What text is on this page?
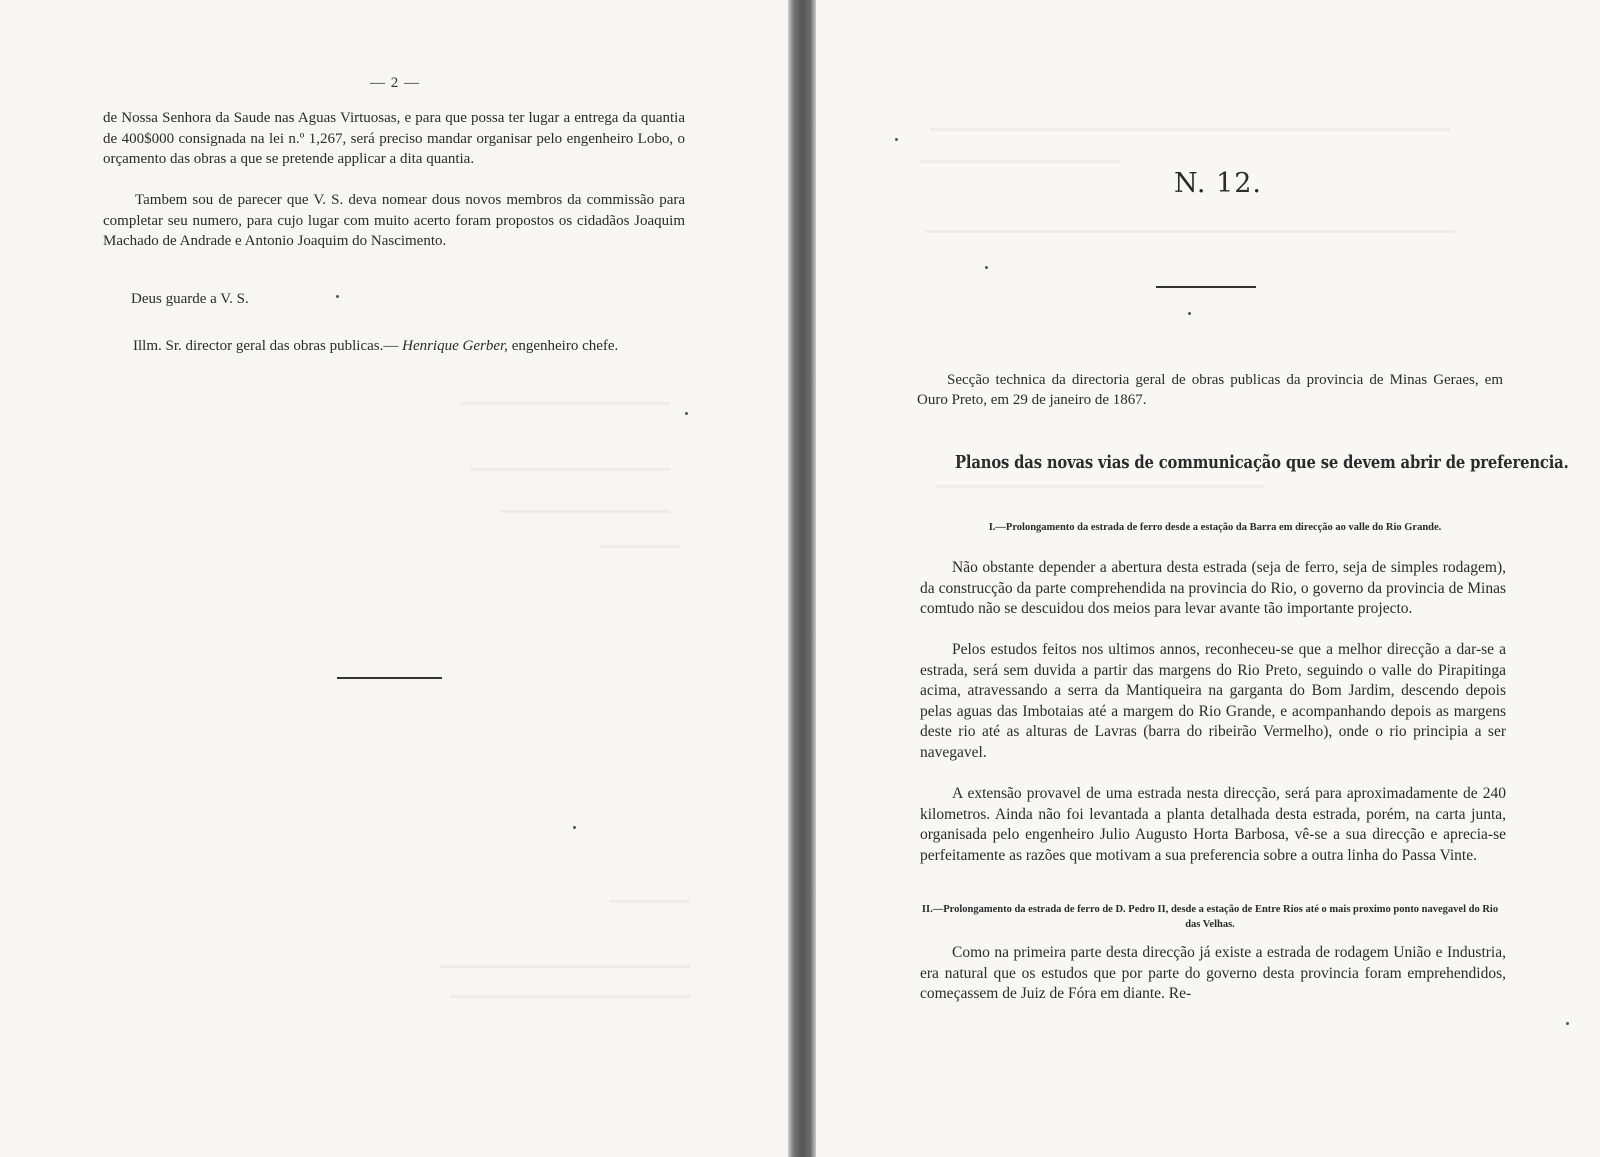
— 2 —

de Nossa Senhora da Saude nas Aguas Virtuosas, e para que possa ter lugar a entrega da quantia de 400$000 consignada na lei n.º 1,267, será preciso mandar organisar pelo engenheiro Lobo, o orçamento das obras a que se pretende applicar a dita quantia.

Tambem sou de parecer que V. S. deva nomear dous novos membros da commissão para completar seu numero, para cujo lugar com muito acerto foram propostos os cidadãos Joaquim Machado de Andrade e Antonio Joaquim do Nascimento.

Deus guarde a V. S.

Illm. Sr. director geral das obras publicas.— Henrique Gerber, engenheiro chefe.

N. 12.

Secção technica da directoria geral de obras publicas da provincia de Minas Geraes, em Ouro Preto, em 29 de janeiro de 1867.

Planos das novas vias de communicação que se devem abrir de preferencia.

I.—Prolongamento da estrada de ferro desde a estação da Barra em direcção ao valle do Rio Grande.

Não obstante depender a abertura desta estrada (seja de ferro, seja de simples rodagem), da construcção da parte comprehendida na provincia do Rio, o governo da provincia de Minas comtudo não se descuidou dos meios para levar avante tão importante projecto.

Pelos estudos feitos nos ultimos annos, reconheceu-se que a melhor direcção a dar-se a estrada, será sem duvida a partir das margens do Rio Preto, seguindo o valle do Pirapitinga acima, atravessando a serra da Mantiqueira na garganta do Bom Jardim, descendo depois pelas aguas das Imbotaias até a margem do Rio Grande, e acompanhando depois as margens deste rio até as alturas de Lavras (barra do ribeirão Vermelho), onde o rio principia a ser navegavel.

A extensão provavel de uma estrada nesta direcção, será para aproximadamente de 240 kilometros. Ainda não foi levantada a planta detalhada desta estrada, porém, na carta junta, organisada pelo engenheiro Julio Augusto Horta Barbosa, vê-se a sua direcção e aprecia-se perfeitamente as razões que motivam a sua preferencia sobre a outra linha do Passa Vinte.

II.—Prolongamento da estrada de ferro de D. Pedro II, desde a estação de Entre Rios até o mais proximo ponto navegavel do Rio das Velhas.

Como na primeira parte desta direcção já existe a estrada de rodagem União e Industria, era natural que os estudos que por parte do governo desta provincia foram emprehendidos, começassem de Juiz de Fóra em diante. Re-
